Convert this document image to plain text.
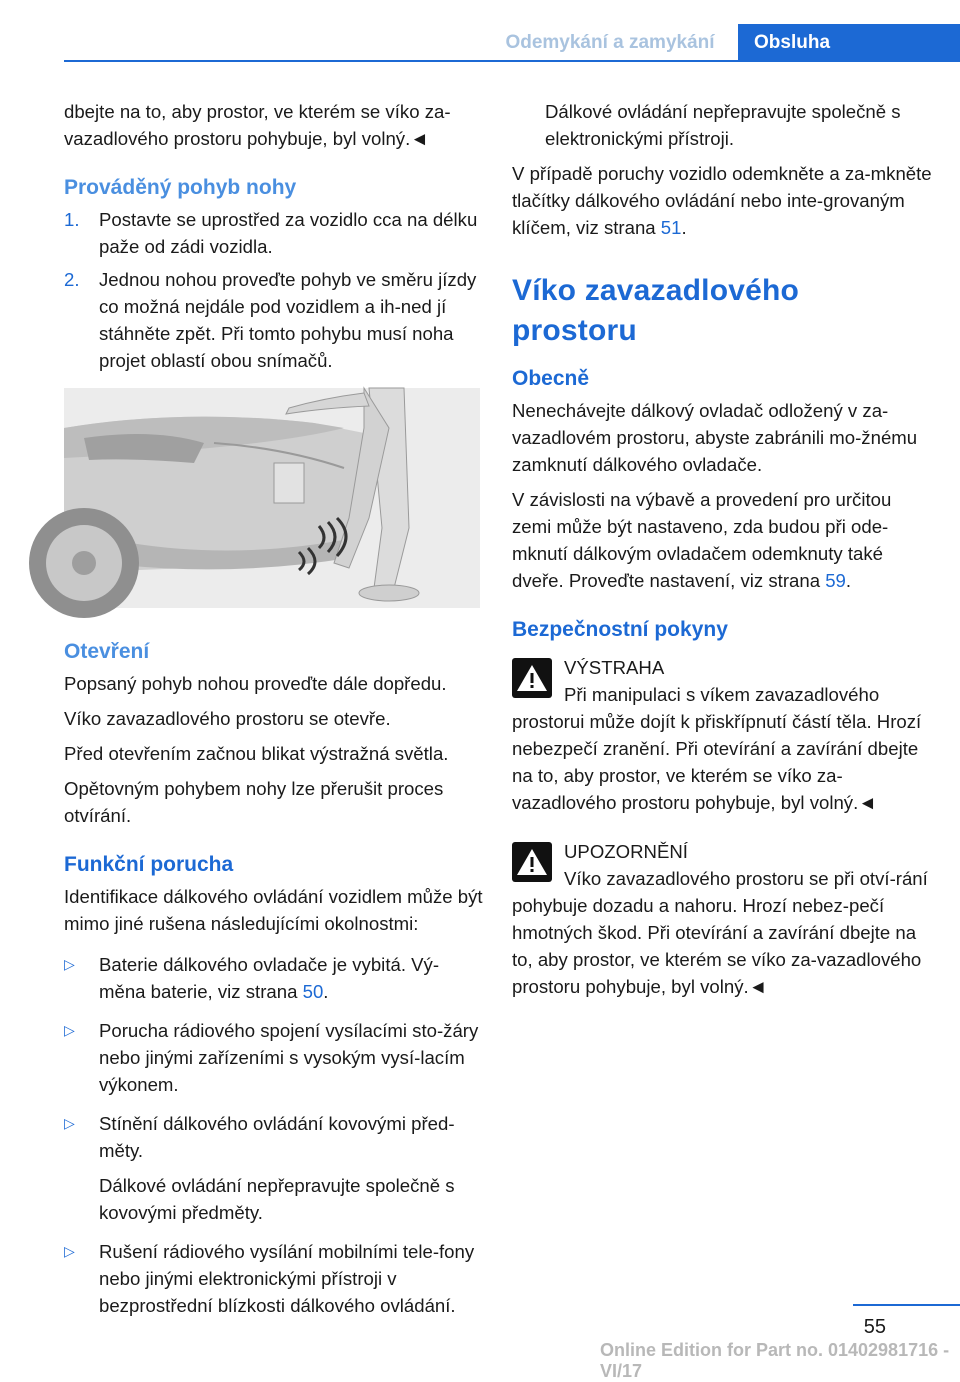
Odemykání a zamykání	Obsluha

dbejte na to, aby prostor, ve kterém se víko za-vazadlového prostoru pohybuje, byl volný.◄

Prováděný pohyb nohy
1. Postavte se uprostřed za vozidlo cca na délku paže od zádi vozidla.
2. Jednou nohou proveďte pohyb ve směru jízdy co možná nejdále pod vozidlem a ih-ned jí stáhněte zpět. Při tomto pohybu musí noha projet oblastí obou snímačů.
Otevření

Popsaný pohyb nohou proveďte dále dopředu.

Víko zavazadlového prostoru se otevře.

Před otevřením začnou blikat výstražná světla.

Opětovným pohybem nohy lze přerušit proces otvírání.

Funkční porucha

Identifikace dálkového ovládání vozidlem může být mimo jiné rušena následujícími okolnostmi:

▷ Baterie dálkového ovladače je vybitá. Vý-měna baterie, viz strana 50.
▷ Porucha rádiového spojení vysílacími sto-žáry nebo jinými zařízeními s vysokým vysí-lacím výkonem.
▷ Stínění dálkového ovládání kovovými před-měty.

Dálkové ovládání nepřepravujte společně s kovovými předměty.

▷ Rušení rádiového vysílání mobilními tele-fony nebo jinými elektronickými přístroji v bezprostřední blízkosti dálkového ovládání.

Dálkové ovládání nepřepravujte společně s elektronickými přístroji.

V případě poruchy vozidlo odemkněte a za-mkněte tlačítky dálkového ovládání nebo inte-grovaným klíčem, viz strana 51.

Víko zavazadlového prostoru
Obecně

Nenechávejte dálkový ovladač odložený v za-vazadlovém prostoru, abyste zabránili mo-žnému zamknutí dálkového ovladače.

V závislosti na výbavě a provedení pro určitou zemi může být nastaveno, zda budou při ode-mknutí dálkovým ovladačem odemknuty také dveře. Proveďte nastavení, viz strana 59.

Bezpečnostní pokyny
VÝSTRAHA
Při manipulaci s víkem zavazadlového prostorui může dojít k přiskřípnutí částí těla. Hrozí nebezpečí zranění. Při otevírání a zavírání dbejte na to, aby prostor, ve kterém se víko za-vazadlového prostoru pohybuje, byl volný.◄
UPOZORNĚNÍ
Víko zavazadlového prostoru se při otví-rání pohybuje dozadu a nahoru. Hrozí nebez-pečí hmotných škod. Při otevírání a zavírání dbejte na to, aby prostor, ve kterém se víko za-vazadlového prostoru pohybuje, byl volný.◄
55
Online Edition for Part no. 01402981716 - VI/17
